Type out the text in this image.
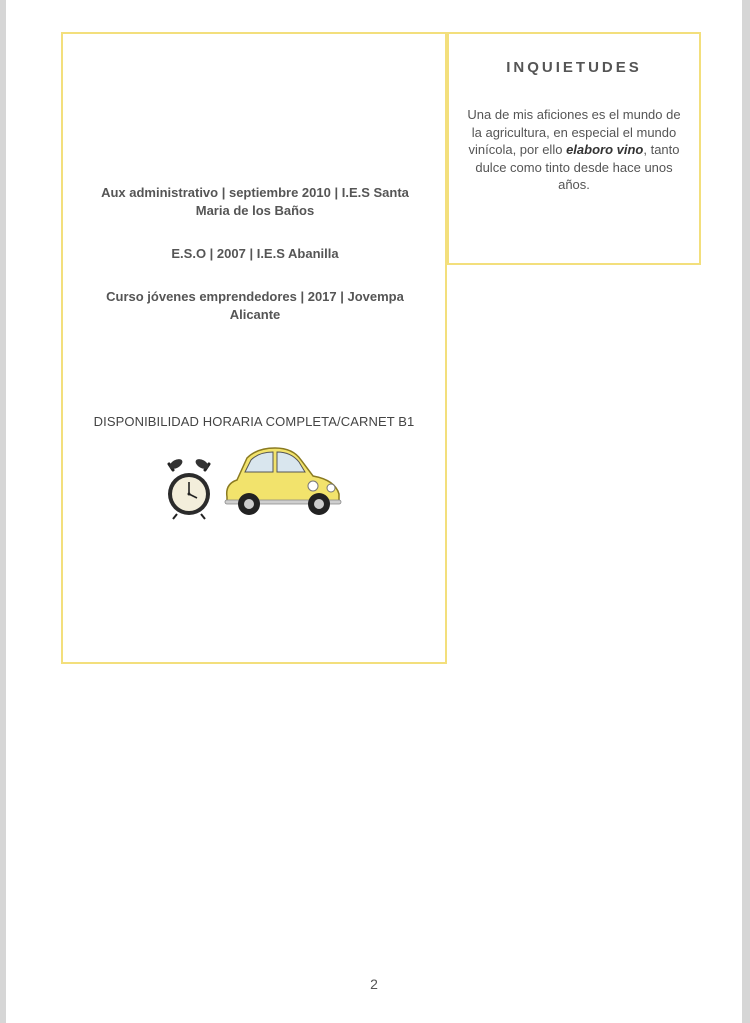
Aux administrativo | septiembre 2010 | I.E.S Santa
Maria de los Baños
E.S.O | 2007 | I.E.S Abanilla
Curso jóvenes emprendedores | 2017 | Jovempa
Alicante
DISPONIBILIDAD HORARIA COMPLETA/CARNET B1
INQUIETUDES
Una de mis aficiones es el mundo de la agricultura, en especial el mundo vinícola, por ello elaboro vino, tanto dulce como tinto desde hace unos años.
2
